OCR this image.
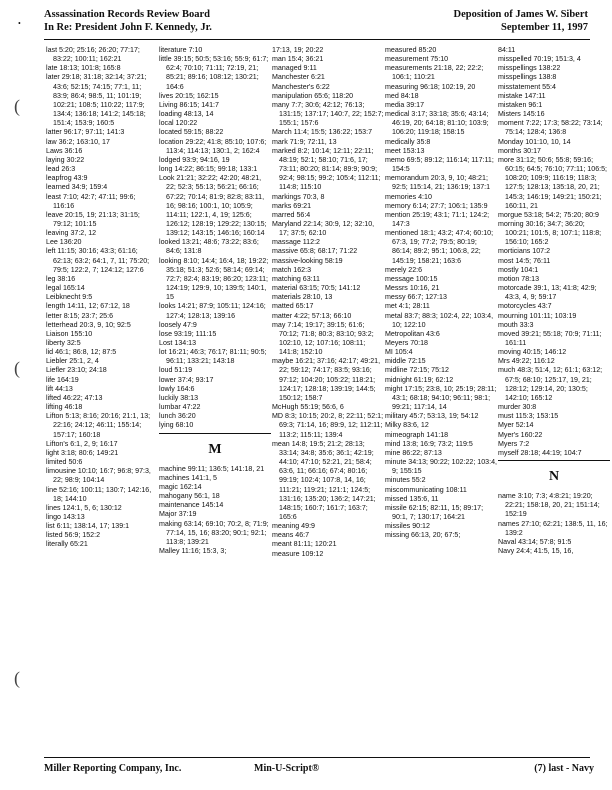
•
(
(
(
Assassination Records Review Board
In Re: President John F. Kennedy, Jr.
Deposition of James W. Sibert
September 11, 1997
last 5:20; 25:16; 26:20; 77:17; 83:22; 100:11; 162:21
late 18:13; 101:8; 165:8
later 29:18; 31:18; 32:14; 37:21; 43:6; 52:15; 74:15; 77:1, 11; 83:9; 86:4; 98:5, 11; 101:19; 102:21; 108:5; 110:22; 117:9; 134:4; 136:18; 141:2; 145:18; 151:4; 153:9; 160:5
latter 96:17; 97:11; 141:3
law 36:2; 163:10, 17
Laws 36:16
laying 30:22
lead 26:3
leapfrog 43:9
learned 34:9; 159:4
least 7:10; 42:7; 47:11; 99:6; 116:16
leave 20:15, 19; 21:13; 31:15; 79:12; 101:15
leaving 37:2, 12
Lee 136:20
left 11:15; 30:16; 43:3; 61:16; 62:13; 63:2; 64:1, 7, 11; 75:20; 79:5; 122:2, 7; 124:12; 127:6
leg 38:16
legal 165:14
Leibknecht 9:5
length 14:11, 12; 67:12, 18
letter 8:15; 23:7; 25:6
letterhead 20:3, 9, 10; 92:5
Liaison 155:10
liberty 32:5
lid 46:1; 86:8, 12; 87:5
Liebler 25:1, 2, 4
Liefler 23:10; 24:18
life 164:19
lift 44:13
lifted 46:22; 47:13
lifting 46:18
Lifton 5:13; 8:16; 20:16; 21:1, 13; 22:16; 24:12; 46:11; 155:14; 157:17; 160:18
Lifton's 6:1, 2, 9; 16:17
light 3:18; 80:6; 149:21
limited 50:6
limousine 10:10; 16:7; 96:8; 97:3, 22; 98:9; 104:14
line 52:16; 100:11; 130:7; 142:16, 18; 144:10
lines 124:1, 5, 6; 130:12
lingo 143:13
list 6:11; 138:14, 17; 139:1
listed 56:9; 152:2
literally 65:21
literature 7:10
little 39:15; 50:5; 53:16; 55:9; 61:7; 62:4; 70:10; 71:11; 72:19, 21; 85:21; 89:16; 108:12; 130:21; 164:6
lives 20:15; 162:15
Living 86:15; 141:7
loading 48:13, 14
local 120:22
located 59:15; 88:22
location 29:22; 41:8; 85:10; 107:6; 113:4; 114:13; 130:1, 2; 162:4
lodged 93:9; 94:16, 19
long 14:22; 86:15; 99:18; 133:1
Look 21:21; 32:22; 42:20; 48:21, 22; 52:3; 55:13; 56:21; 66:16; 67:22; 70:14; 81:9; 82:8; 83:11, 16; 98:16; 100:1, 10; 105:9; 114:11; 122:1, 4, 19; 125:6; 126:12; 128:19; 129:22; 130:15; 139:12; 143:15; 146:16; 160:14
looked 13:21; 48:6; 73:22; 83:6; 84:6; 131:8
looking 8:10; 14:4; 16:4, 18; 19:22; 35:18; 51:3; 52:6; 58:14; 69:14; 72:7; 82:4; 83:19; 86:20; 123:11; 124:19; 129:9, 10; 139:5; 140:1, 15
looks 14:21; 87:9; 105:11; 124:16; 127:4; 128:13; 139:16
loosely 47:9
lose 93:19; 111:15
Lost 134:13
lot 16:21; 46:3; 76:17; 81:11; 90:5; 96:11; 133:21; 143:18
loud 51:19
lower 37:4; 93:17
lowly 164:6
luckily 38:13
lumbar 47:22
lunch 36:20
lying 68:10
M
machine 99:11; 136:5; 141:18, 21
machines 141:1, 5
magic 162:14
mahogany 56:1, 18
maintenance 145:14
Major 37:19
making 63:14; 69:10; 70:2, 8; 71:9; 77:14, 15, 16; 83:20; 90:1; 92:1; 113:8; 139:21
Malley 11:16; 15:3, 3;
17:13, 19; 20:22
man 15:4; 36:21
managed 9:11
Manchester 6:21
Manchester's 6:22
manipulation 65:6; 118:20
many 7:7; 30:6; 42:12; 76:13; 131:15; 137:17; 140:7, 22; 152:7; 155:1; 157:6
March 11:4; 15:5; 136:22; 153:7
mark 71:9; 72:11, 13
marked 8:2; 10:14; 12:11; 22:11; 48:19; 52:1; 58:10; 71:6, 17; 73:11; 80:20; 81:14; 89:9; 90:9; 92:4; 98:15; 99:2; 105:4; 112:11; 114:8; 115:10
markings 70:3, 8
marks 69:21
marred 56:4
Maryland 22:14; 30:9, 12; 32:10, 17; 37:5; 62:10
massage 112:2
massive 65:8; 68:17; 71:22
massive-looking 58:19
match 162:3
matching 63:11
material 63:15; 70:5; 141:12
materials 28:10, 13
matted 65:17
matter 4:22; 57:13; 66:10
may 7:14; 19:17; 39:15; 61:6; 70:12; 71:8; 80:3; 83:10; 93:2; 102:10, 12; 107:16; 108:11; 141:8; 152:10
maybe 16:21; 37:16; 42:17; 49:21, 22; 59:12; 74:17; 83:5; 93:16; 97:12; 104:20; 105:22; 118:21; 124:17; 128:18; 139:19; 144:5; 150:12; 158:7
McHugh 55:19; 56:6, 6
MD 8:3; 10:15; 20:2, 8; 22:11; 52:1; 69:3; 71:14, 16; 89:9, 12; 112:11; 113:2; 115:11; 139:4
mean 14:8; 19:5; 21:2; 28:13; 33:14; 34:8; 35:6; 36:1; 42:19; 44:10; 47:10; 52:21, 21; 58:4; 63:6, 11; 66:16; 67:4; 80:16; 99:19; 102:4; 107:8, 14, 16; 111:21; 119:21; 121:1; 124:5; 131:16; 135:20; 136:2; 147:21; 148:15; 160:7; 161:7; 163:7; 165:6
meaning 49:9
means 46:7
meant 81:11; 120:21
measure 109:12
measured 85:20
measurement 75:10
measurements 21:18, 22; 22:2; 106:1; 110:21
measuring 96:18; 102:19, 20
med 84:18
media 39:17
medical 3:17; 33:18; 35:6; 43:14; 46:19, 20; 64:18; 81:10; 103:9; 106:20; 119:18; 158:15
medically 35:8
meet 153:13
memo 69:5; 89:12; 116:14; 117:11; 154:5
memorandum 20:3, 9, 10; 48:21; 92:5; 115:14, 21; 136:19; 137:1
memories 4:10
memory 6:14; 27:7; 106:1; 135:9
mention 25:19; 43:1; 71:1; 124:2; 147:3
mentioned 18:1; 43:2; 47:4; 60:10; 67:3, 19; 77:2; 79:5; 80:19; 86:14; 89:2; 95:1; 106:8, 22; 145:19; 158:21; 163:6
merely 22:6
message 100:15
Messrs 10:16, 21
messy 66:7; 127:13
met 4:1; 28:11
metal 83:7; 88:3; 102:4, 22; 103:4, 10; 122:10
Metropolitan 43:6
Meyers 70:18
MI 105:4
middle 72:15
midline 72:15; 75:12
midnight 61:19; 62:12
might 17:15; 23:8, 10; 25:19; 28:11; 43:1; 68:18; 94:10; 96:11; 98:1; 99:21; 117:14, 14
military 45:7; 53:13, 19; 54:12
Milky 83:6, 12
mimeograph 141:18
mind 13:8; 16:9; 73:2; 119:5
mine 86:22; 87:13
minute 34:13; 90:22; 102:22; 103:4, 9; 155:15
minutes 55:2
miscommunicating 108:11
missed 135:6, 11
missile 62:15; 82:11, 15; 89:17; 90:1, 7; 130:17; 164:21
missiles 90:12
missing 66:13, 20; 67:5;
84:11
misspelled 70:19; 151:3, 4
misspellings 138:22
misspellings 138:8
misstatement 55:4
mistake 147:11
mistaken 96:1
Misters 145:16
moment 7:22; 17:3; 58:22; 73:14; 75:14; 128:4; 136:8
Monday 101:10, 10, 14
months 30:17
more 31:12; 50:6; 55:8; 59:16; 60:15; 64:5; 76:10; 77:11; 106:5; 108:20; 109:9; 116:19; 118:3; 127:5; 128:13; 135:18, 20, 21; 145:3; 146:19; 149:21; 150:21; 160:11, 21
morgue 53:18; 54:2; 75:20; 80:9
morning 30:16; 34:7; 36:20; 100:21; 101:5, 8; 107:1; 118:8; 156:10; 165:2
morticians 107:2
most 14:5; 76:11
mostly 104:1
motion 78:13
motorcade 39:1, 13; 41:8; 42:9; 43:3, 4, 9; 59:17
motorcycles 43:7
mourning 101:11; 103:19
mouth 33:3
moved 39:21; 55:18; 70:9; 71:11; 161:11
moving 40:15; 146:12
Mrs 49:22; 116:12
much 48:3; 51:4, 12; 61:1; 63:12; 67:5; 68:10; 125:17, 19, 21; 128:12; 129:14, 20; 130:5; 142:10; 165:12
murder 30:8
must 115:3; 153:15
Myer 52:14
Myer's 160:22
Myers 7:2
myself 28:18; 44:19; 104:7
N
name 3:10; 7:3; 4:8:21; 19:20; 22:21; 158:18, 20, 21; 151:14; 152:19
names 27:10; 62:21; 138:5, 11, 16; 139:2
Naval 43:14; 57:8; 91:5
Navy 24:4; 41:5, 15, 16,
Miller Reporting Company, Inc.	Min-U-Script®	(7) last - Navy
